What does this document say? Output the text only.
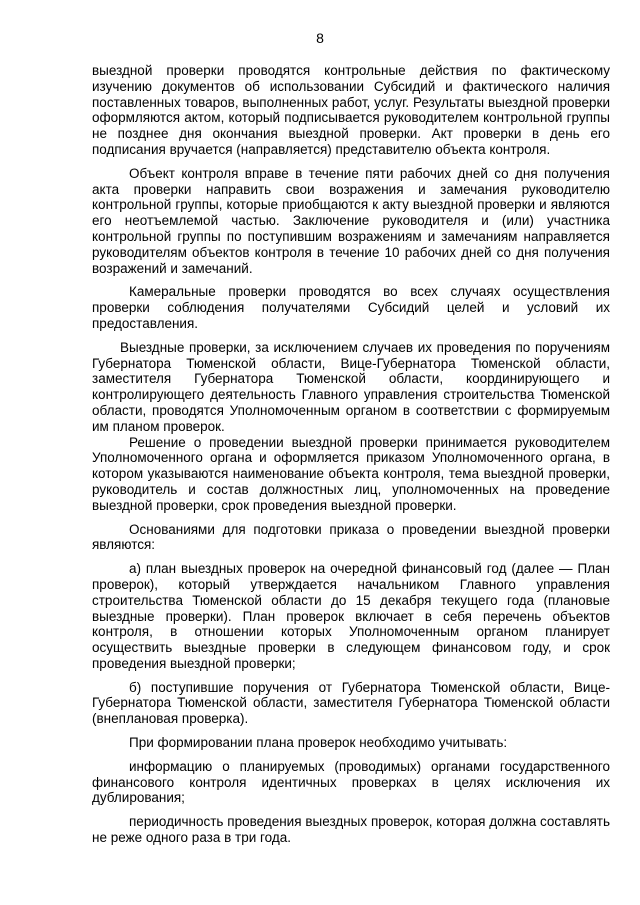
8

выездной проверки проводятся контрольные действия по фактическому изучению документов об использовании Субсидий и фактического наличия поставленных товаров, выполненных работ, услуг. Результаты выездной проверки оформляются актом, который подписывается руководителем контрольной группы не позднее дня окончания выездной проверки. Акт проверки в день его подписания вручается (направляется) представителю объекта контроля.

Объект контроля вправе в течение пяти рабочих дней со дня получения акта проверки направить свои возражения и замечания руководителю контрольной группы, которые приобщаются к акту выездной проверки и являются его неотъемлемой частью. Заключение руководителя и (или) участника контрольной группы по поступившим возражениям и замечаниям направляется руководителям объектов контроля в течение 10 рабочих дней со дня получения возражений и замечаний.

Камеральные проверки проводятся во всех случаях осуществления проверки соблюдения получателями Субсидий целей и условий их предоставления.

Выездные проверки, за исключением случаев их проведения по поручениям Губернатора Тюменской области, Вице-Губернатора Тюменской области, заместителя Губернатора Тюменской области, координирующего и контролирующего деятельность Главного управления строительства Тюменской области, проводятся Уполномоченным органом в соответствии с формируемым им планом проверок.

Решение о проведении выездной проверки принимается руководителем Уполномоченного органа и оформляется приказом Уполномоченного органа, в котором указываются наименование объекта контроля, тема выездной проверки, руководитель и состав должностных лиц, уполномоченных на проведение выездной проверки, срок проведения выездной проверки.

Основаниями для подготовки приказа о проведении выездной проверки являются:

а) план выездных проверок на очередной финансовый год (далее — План проверок), который утверждается начальником Главного управления строительства Тюменской области до 15 декабря текущего года (плановые выездные проверки). План проверок включает в себя перечень объектов контроля, в отношении которых Уполномоченным органом планирует осуществить выездные проверки в следующем финансовом году, и срок проведения выездной проверки;

б) поступившие поручения от Губернатора Тюменской области, Вице-Губернатора Тюменской области, заместителя Губернатора Тюменской области (внеплановая проверка).

При формировании плана проверок необходимо учитывать:

информацию о планируемых (проводимых) органами государственного финансового контроля идентичных проверках в целях исключения их дублирования;

периодичность проведения выездных проверок, которая должна составлять не реже одного раза в три года.
